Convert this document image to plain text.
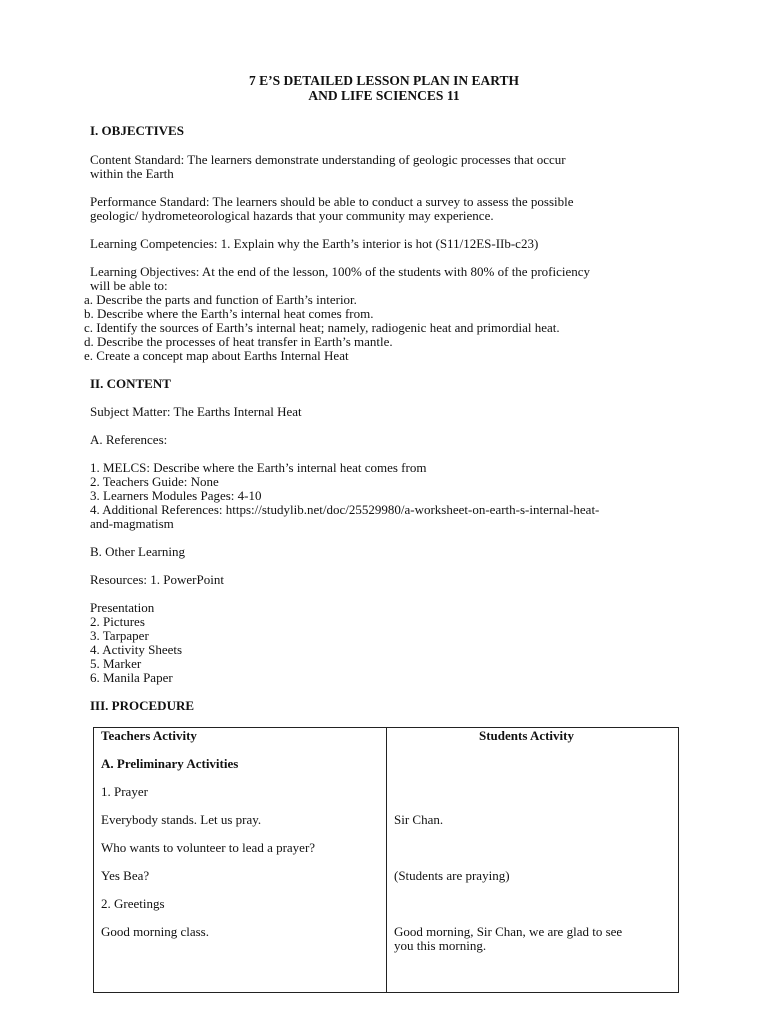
7 E’S DETAILED LESSON PLAN IN EARTH
AND LIFE SCIENCES 11
I. OBJECTIVES
Content Standard: The learners demonstrate understanding of geologic processes that occur
within the Earth
Performance Standard: The learners should be able to conduct a survey to assess the possible
geologic/ hydrometeorological hazards that your community may experience.
Learning Competencies: 1. Explain why the Earth’s interior is hot (S11/12ES-IIb-c23)
Learning Objectives: At the end of the lesson, 100% of the students with 80% of the proficiency
will be able to:
a. Describe the parts and function of Earth’s interior.
b. Describe where the Earth’s internal heat comes from.
c. Identify the sources of Earth’s internal heat; namely, radiogenic heat and primordial heat.
d. Describe the processes of heat transfer in Earth’s mantle.
e. Create a concept map about Earths Internal Heat
II. CONTENT
Subject Matter: The Earths Internal Heat
A. References:
1. MELCS: Describe where the Earth’s internal heat comes from
2. Teachers Guide: None
3. Learners Modules Pages: 4-10
4. Additional References: https://studylib.net/doc/25529980/a-worksheet-on-earth-s-internal-heat-
and-magmatism
B. Other Learning
Resources: 1. PowerPoint
Presentation
2. Pictures
3. Tarpaper
4. Activity Sheets
5. Marker
6. Manila Paper
III. PROCEDURE
Teachers Activity	Students Activity
A. Preliminary Activities
1. Prayer
Everybody stands. Let us pray.	Sir Chan.
Who wants to volunteer to lead a prayer?
Yes Bea?	(Students are praying)
2. Greetings
Good morning class.	Good morning, Sir Chan, we are glad to see
you this morning.
